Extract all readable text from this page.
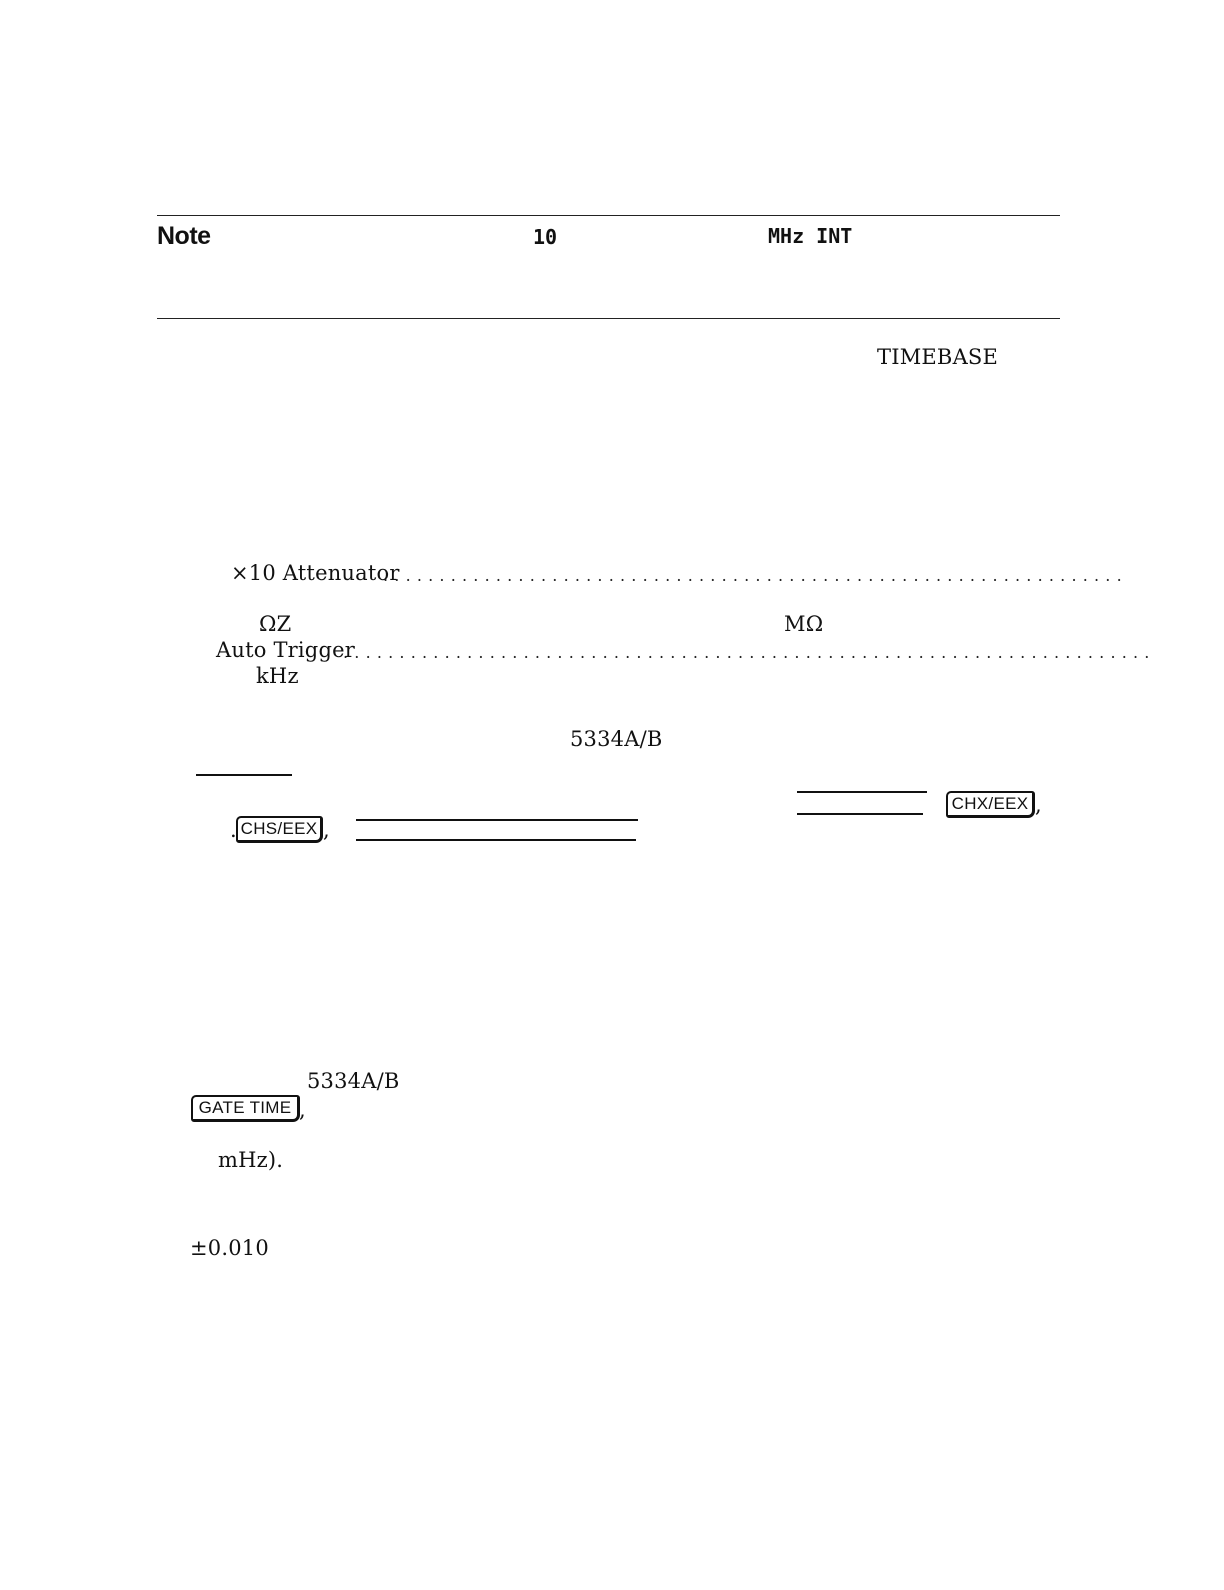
Note	10	MHz INT
TIMEBASE
×10 Attenuator
..................................................................
ΩZ	MΩ
Auto Trigger
........................................................................
kHz
5334A/B
CHX/EEX ,
. CHS/EEX ,
5334A/B
GATE TIME ,
mHz).
±0.010
